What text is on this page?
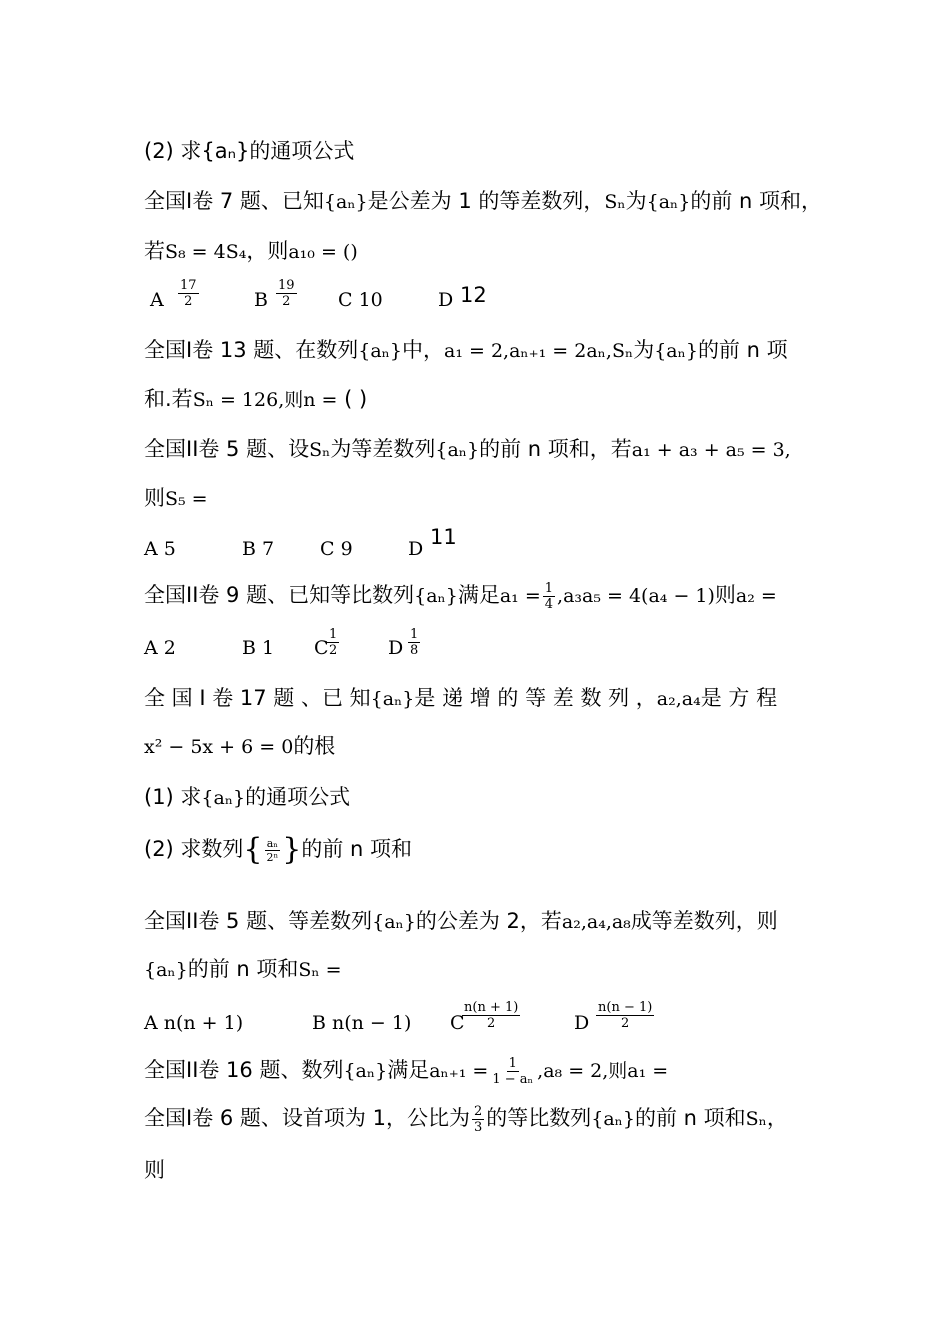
(2) 求{aₙ}的通项公式
全国I卷 7 题、已知{aₙ}是公差为 1 的等差数列，Sₙ为{aₙ}的前 n 项和，
若S₈ = 4S₄，则a₁₀ = ()
A $\frac{17}{2}$	B $\frac{19}{2}$ C 10	D 12
全国I卷 13 题、在数列{aₙ}中，a₁ = 2,aₙ₊₁ = 2aₙ,Sₙ为{aₙ}的前 n 项
和.若Sₙ = 126,则n = ( )
全国II卷 5 题、设Sₙ为等差数列{aₙ}的前 n 项和，若a₁ + a₃ + a₅ = 3,
则S₅ =
A 5	B 7 C 9	D 11
全国II卷 9 题、已知等比数列{aₙ}满足$a_1 = \frac{1}{4} ,a_3a_5 = 4(a_4 - 1)$则a₂ =
A 2	B 1 C
$\frac{1}{2}$	D $\frac{1}{8}$
全 国 I 卷 17 题 、已 知{aₙ}是 递 增 的 等 差 数 列 ，a₂,a₄是 方 程
x² − 5x + 6 = 0的根
(1) 求{aₙ}的通项公式
(2) 求数列{ $\frac{\text{aₙ}}{\text{2ⁿ}}$ }的前 n 项和
全国II卷 5 题、等差数列{aₙ}的公差为 2，若a₂,a₄,a₈成等差数列，则
{aₙ}的前 n 项和Sₙ =
A n(n + 1)	B n(n − 1) C
$\frac{n(n + 1)}{2}$	D $\frac{n(n - 1)}{2}$
全国II卷 16 题、数列{aₙ}满足$a_{n+1} = \frac{1}{\text{1 − aₙ}} ,a_8 = 2$,则a₁ =
全国I卷 6 题、设首项为 1，公比为 $\frac{2}{3}$ 的等比数列{aₙ}的前 n 项和Sₙ，
则
